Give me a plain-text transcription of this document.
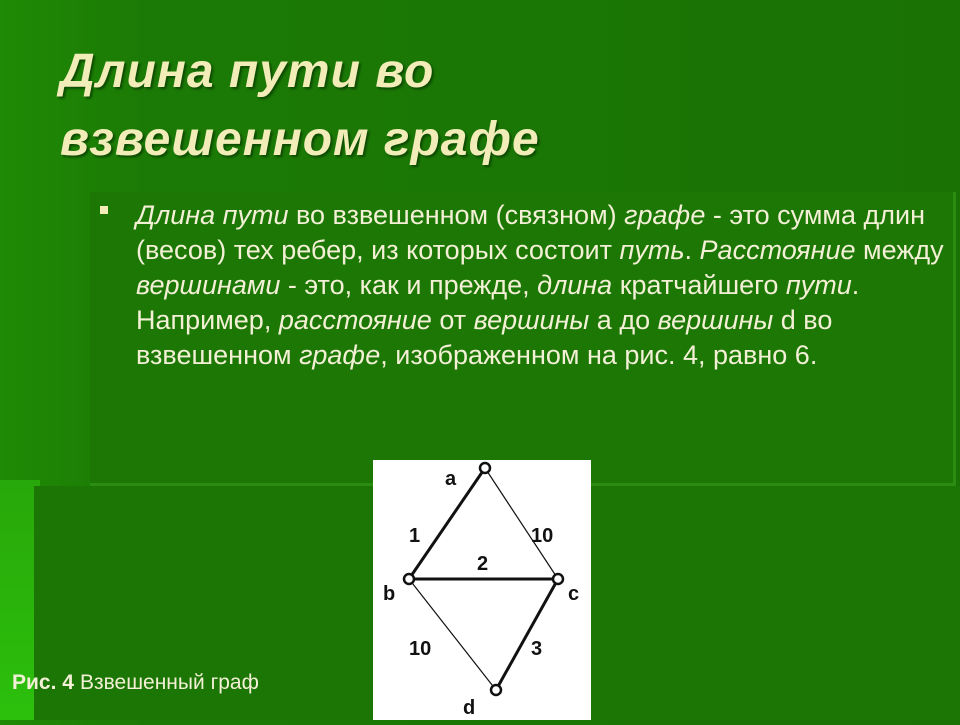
Длина пути во
взвешенном графе
Длина пути во взвешенном (связном) графе - это сумма длин (весов) тех ребер, из которых состоит путь. Расстояние между вершинами - это, как и прежде, длина кратчайшего пути. Например, расстояние от вершины а до вершины d во взвешенном графе, изображенном на рис. 4, равно 6.
a
b	c
d
1	10
2
10	3
Рис. 4 Взвешенный граф
